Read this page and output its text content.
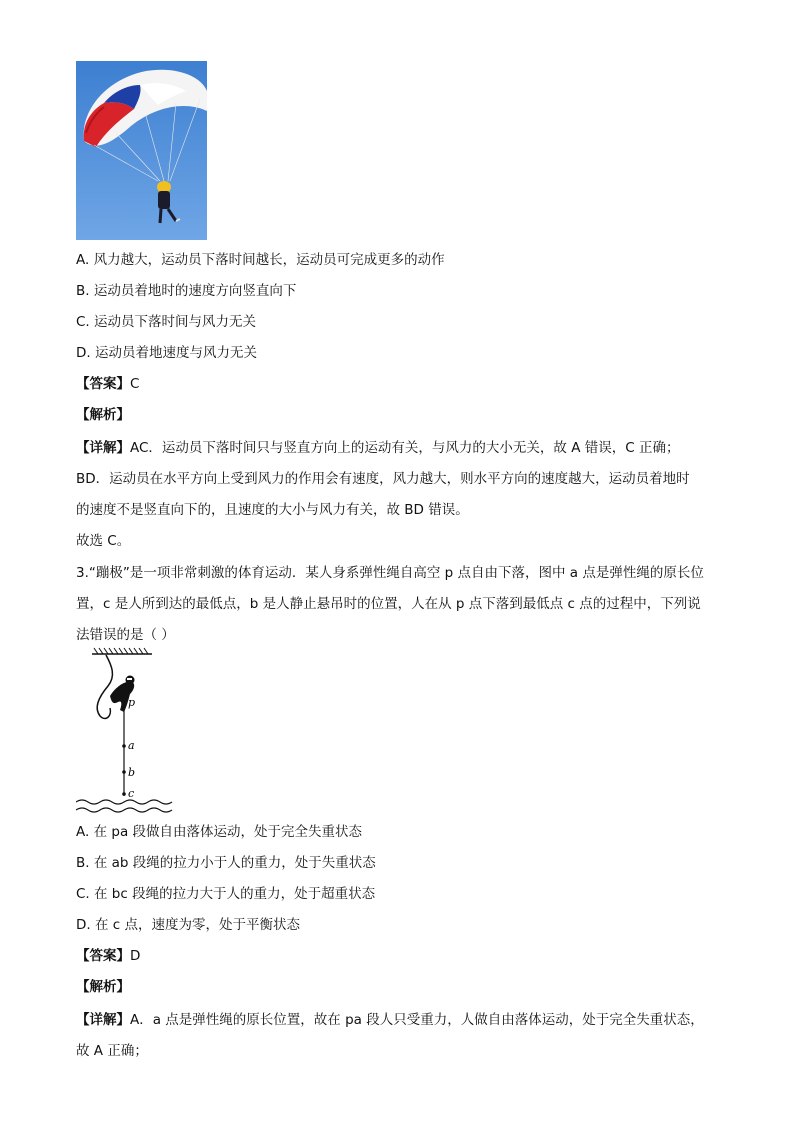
A. 风力越大，运动员下落时间越长，运动员可完成更多的动作
B. 运动员着地时的速度方向竖直向下
C. 运动员下落时间与风力无关
D. 运动员着地速度与风力无关
【答案】C
【解析】
【详解】AC．运动员下落时间只与竖直方向上的运动有关，与风力的大小无关，故 A 错误，C 正确；
BD．运动员在水平方向上受到风力的作用会有速度，风力越大，则水平方向的速度越大，运动员着地时
的速度不是竖直向下的，且速度的大小与风力有关，故 BD 错误。
故选 C。
3.“蹦极”是一项非常刺激的体育运动．某人身系弹性绳自高空 p 点自由下落，图中 a 点是弹性绳的原长位
置，c 是人所到达的最低点，b 是人静止悬吊时的位置，人在从 p 点下落到最低点 c 点的过程中，下列说
法错误的是（ ）
p
a
b
c
A. 在 pa 段做自由落体运动，处于完全失重状态
B. 在 ab 段绳的拉力小于人的重力，处于失重状态
C. 在 bc 段绳的拉力大于人的重力，处于超重状态
D. 在 c 点，速度为零，处于平衡状态
【答案】D
【解析】
【详解】A．a 点是弹性绳的原长位置，故在 pa 段人只受重力，人做自由落体运动，处于完全失重状态，
故 A 正确；
